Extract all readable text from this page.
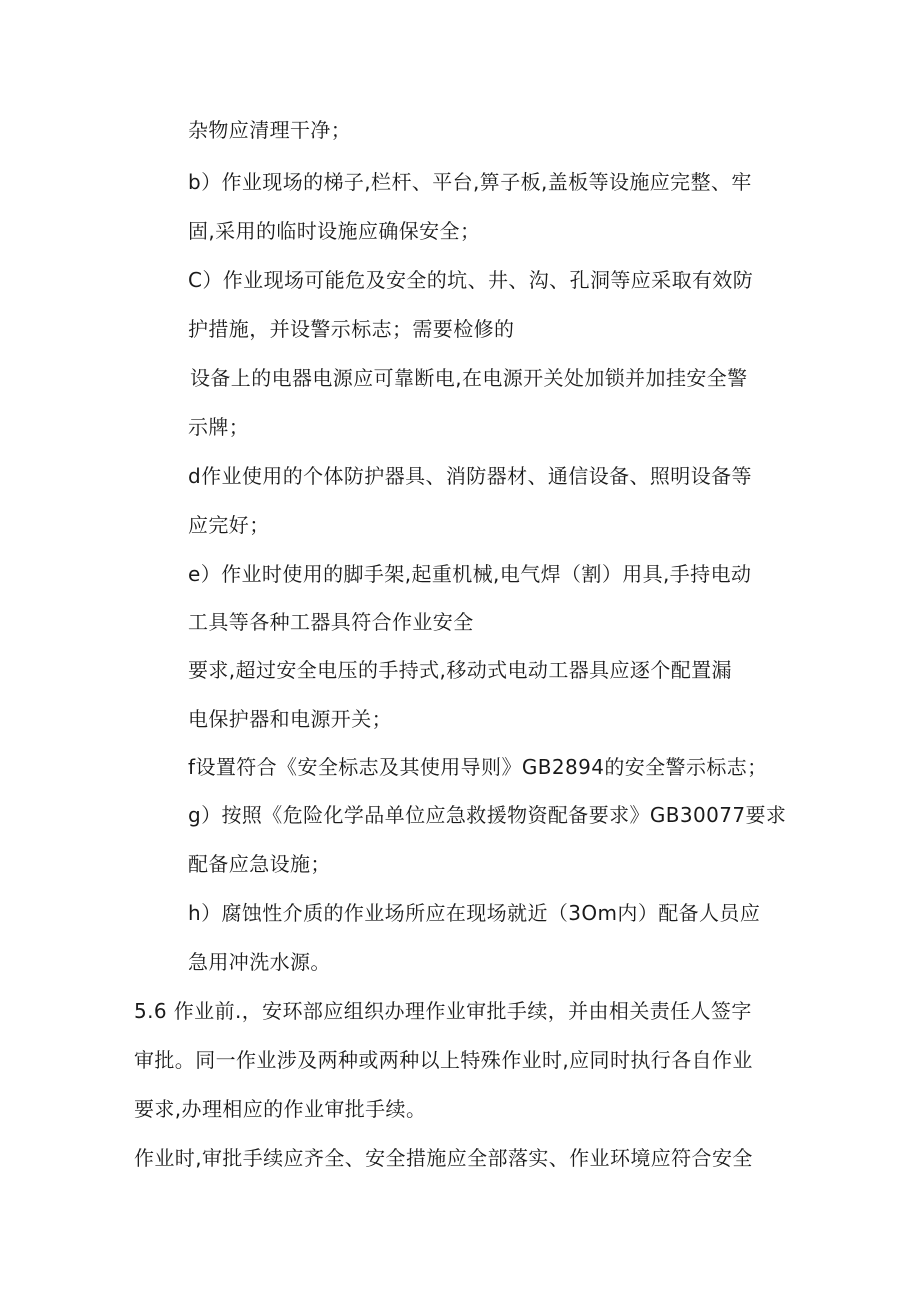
杂物应清理干净；
b）作业现场的梯子,栏杆、平台,箅子板,盖板等设施应完整、牢
固,采用的临时设施应确保安全；
C）作业现场可能危及安全的坑、井、沟、孔洞等应采取有效防
护措施，并设警示标志；需要检修的
设备上的电器电源应可靠断电,在电源开关处加锁并加挂安全警
示牌；
d作业使用的个体防护器具、消防器材、通信设备、照明设备等
应完好；
e）作业时使用的脚手架,起重机械,电气焊（割）用具,手持电动
工具等各种工器具符合作业安全
要求,超过安全电压的手持式,移动式电动工器具应逐个配置漏
电保护器和电源开关；
f设置符合《安全标志及其使用导则》GB2894的安全警示标志；
g）按照《危险化学品单位应急救援物资配备要求》GB30077要求
配备应急设施；
h）腐蚀性介质的作业场所应在现场就近（3Om内）配备人员应
急用冲洗水源。
5.6 作业前.，安环部应组织办理作业审批手续，并由相关责任人签字
审批。同一作业涉及两种或两种以上特殊作业时,应同时执行各自作业
要求,办理相应的作业审批手续。
作业时,审批手续应齐全、安全措施应全部落实、作业环境应符合安全
